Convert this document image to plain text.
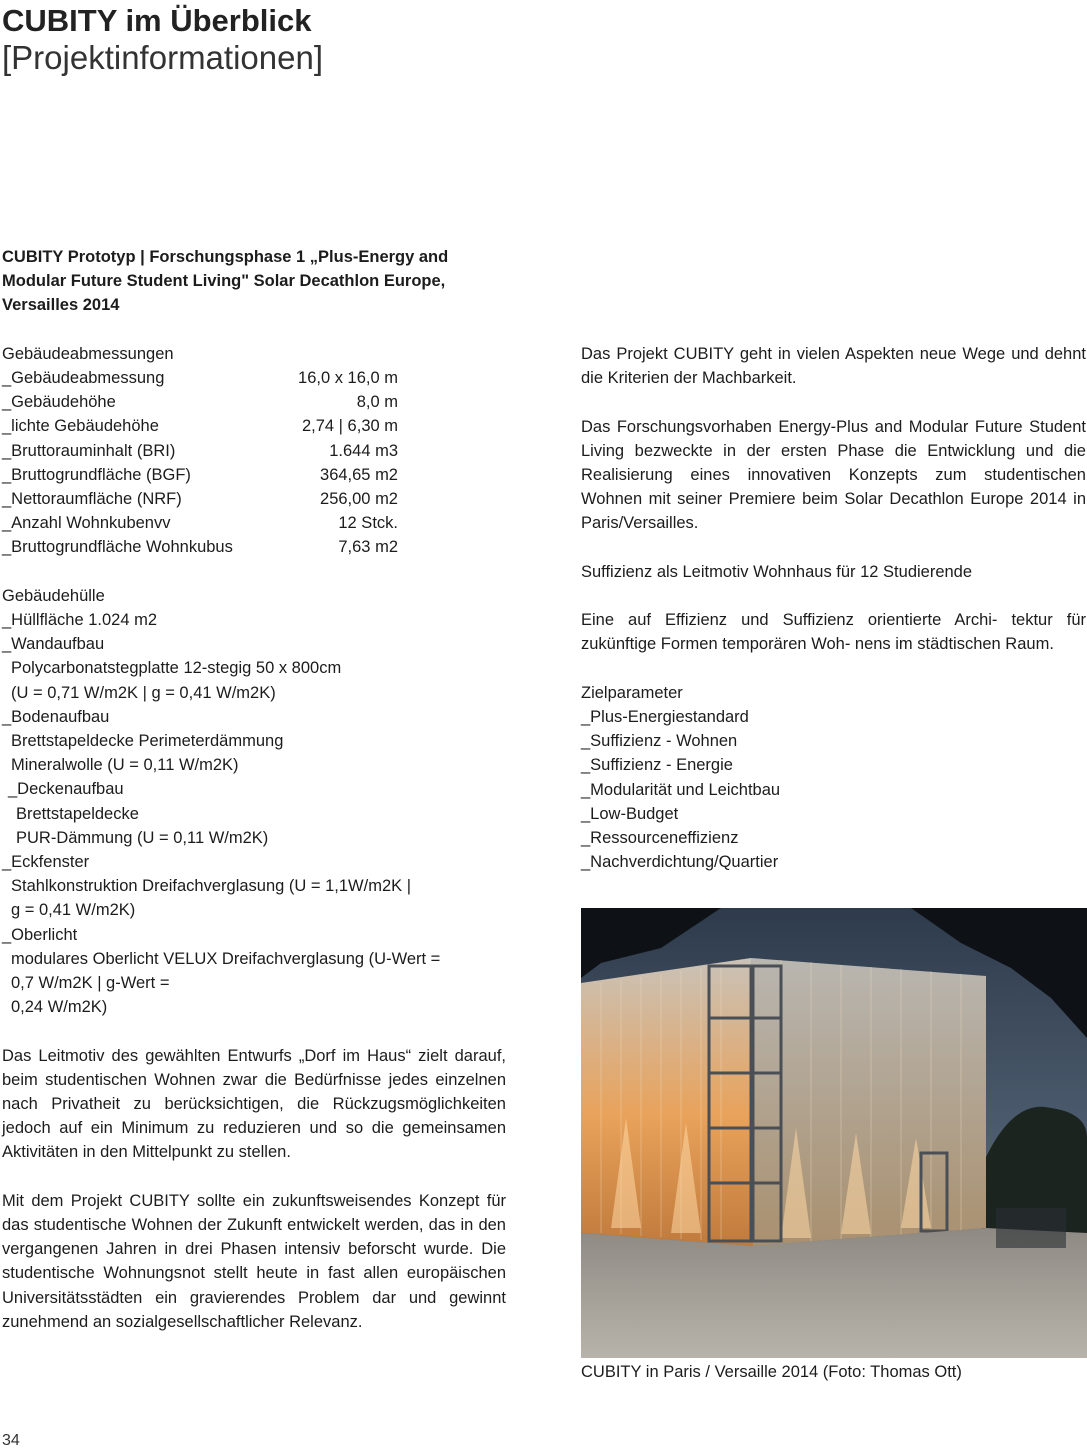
CUBITY im Überblick
[Projektinformationen]
CUBITY Prototyp | Forschungsphase 1 „Plus-Energy and
Modular Future Student Living" Solar Decathlon Europe,
Versailles 2014
Gebäudeabmessungen
_Gebäudeabmessung	16,0 x 16,0 m
_Gebäudehöhe	8,0 m
_lichte Gebäudehöhe	2,74 | 6,30 m
_Bruttorauminhalt (BRI)	1.644 m3
_Bruttogrundfläche (BGF)	364,65 m2
_Nettoraumfläche (NRF)	256,00 m2
_Anzahl Wohnkubenvv	12 Stck.
_Bruttogrundfläche Wohnkubus	7,63 m2
Gebäudehülle
_Hüllfläche 1.024 m2
_Wandaufbau
Polycarbonatstegplatte 12-stegig 50 x 800cm
(U = 0,71 W/m2K | g = 0,41 W/m2K)
_Bodenaufbau
Brettstapeldecke Perimeterdämmung
Mineralwolle (U = 0,11 W/m2K)
_Deckenaufbau
Brettstapeldecke
PUR-Dämmung (U = 0,11 W/m2K)
_Eckfenster
Stahlkonstruktion Dreifachverglasung (U = 1,1W/m2K |
g = 0,41 W/m2K)
_Oberlicht
modulares Oberlicht VELUX Dreifachverglasung (U-Wert =
0,7 W/m2K | g-Wert =
0,24 W/m2K)
Das Leitmotiv des gewählten Entwurfs „Dorf im Haus“ zielt darauf, beim studentischen Wohnen zwar die Bedürfnisse jedes einzelnen nach Privatheit zu berücksichtigen, die Rückzugsmöglichkeiten jedoch auf ein Minimum zu reduzieren und so die gemeinsamen Aktivitäten in den Mittelpunkt zu stellen.
Mit dem Projekt CUBITY sollte ein zukunftsweisendes Konzept für das studentische Wohnen der Zukunft entwickelt werden, das in den vergangenen Jahren in drei Phasen intensiv beforscht wurde. Die studentische Wohnungsnot stellt heute in fast allen europäischen Universitätsstädten ein gravierendes Problem dar und gewinnt zunehmend an sozialgesellschaftlicher Relevanz.
Das Projekt CUBITY geht in vielen Aspekten neue Wege und dehnt die Kriterien der Machbarkeit.
Das Forschungsvorhaben Energy-Plus and Modular Future Student Living bezweckte in der ersten Phase die Entwicklung und die Realisierung eines innovativen Konzepts zum studentischen Wohnen mit seiner Premiere beim Solar Decathlon Europe 2014 in Paris/Versailles.
Suffizienz als Leitmotiv Wohnhaus für 12 Studierende
Eine auf Effizienz und Suffizienz orientierte Archi- tektur für zukünftige Formen temporären Woh- nens im städtischen Raum.
Zielparameter
_Plus-Energiestandard
_Suffizienz - Wohnen
_Suffizienz - Energie
_Modularität und Leichtbau
_Low-Budget
_Ressourceneffizienz
_Nachverdichtung/Quartier
CUBITY in Paris / Versaille 2014 (Foto: Thomas Ott)
34
